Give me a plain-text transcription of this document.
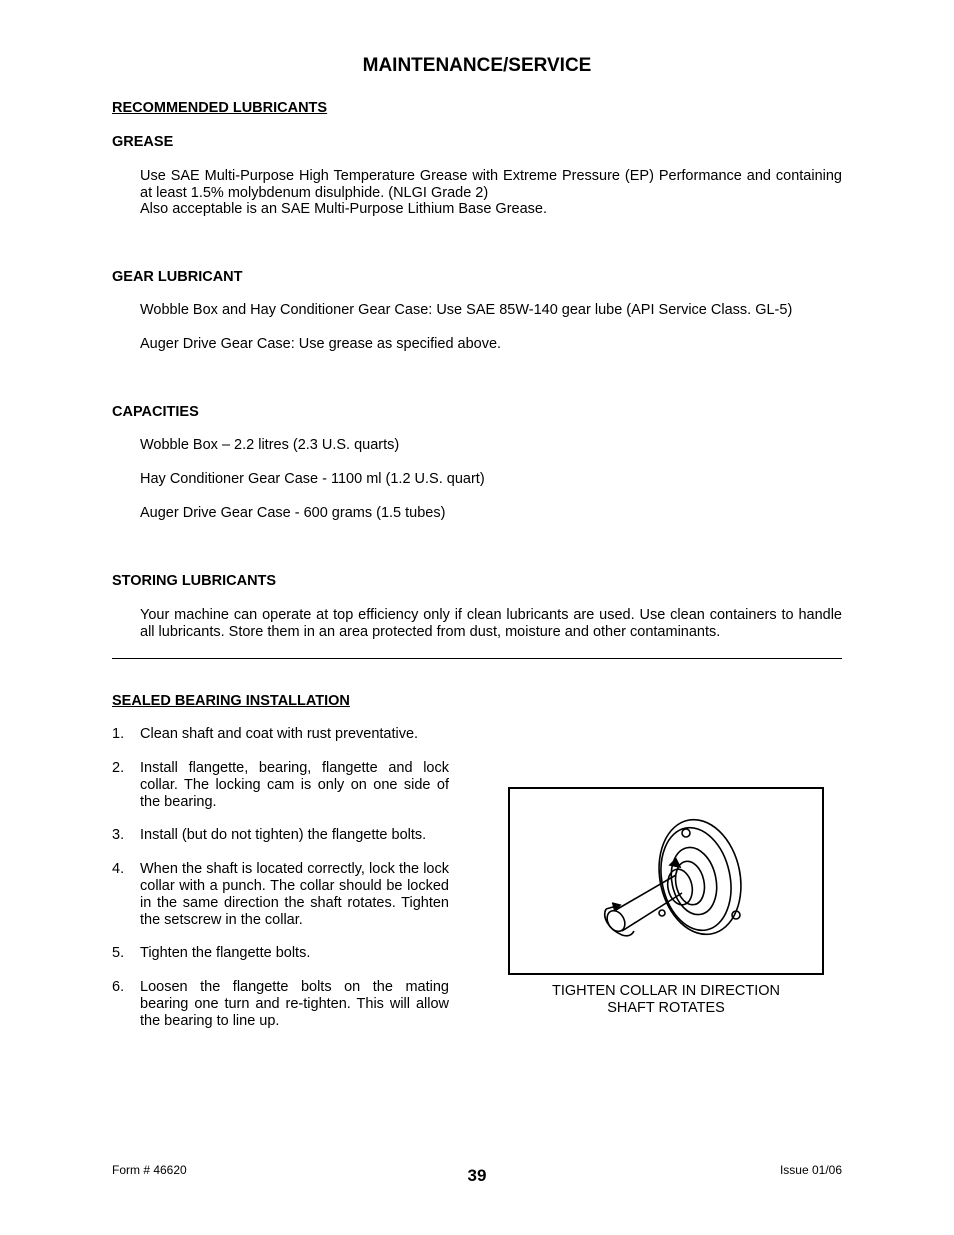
MAINTENANCE/SERVICE
RECOMMENDED LUBRICANTS
GREASE
Use SAE Multi-Purpose High Temperature Grease with Extreme Pressure (EP) Performance and containing at least 1.5% molybdenum disulphide. (NLGI Grade 2)
Also acceptable is an SAE Multi-Purpose Lithium Base Grease.
GEAR LUBRICANT
Wobble Box and Hay Conditioner Gear Case: Use SAE 85W-140 gear lube (API Service Class. GL-5)
Auger Drive Gear Case: Use grease as specified above.
CAPACITIES
Wobble Box – 2.2 litres (2.3 U.S. quarts)
Hay Conditioner Gear Case - 1100 ml (1.2 U.S. quart)
Auger Drive Gear Case - 600 grams (1.5 tubes)
STORING LUBRICANTS
Your machine can operate at top efficiency only if clean lubricants are used. Use clean containers to handle all lubricants. Store them in an area protected from dust, moisture and other contaminants.
SEALED BEARING INSTALLATION
1. Clean shaft and coat with rust preventative.
2. Install flangette, bearing, flangette and lock collar. The locking cam is only on one side of the bearing.
3. Install (but do not tighten) the flangette bolts.
4. When the shaft is located correctly, lock the lock collar with a punch. The collar should be locked in the same direction the shaft rotates. Tighten the setscrew in the collar.
5. Tighten the flangette bolts.
6. Loosen the flangette bolts on the mating bearing one turn and re-tighten. This will allow the bearing to line up.
TIGHTEN COLLAR IN DIRECTION
SHAFT ROTATES
Form # 46620	39	Issue 01/06
